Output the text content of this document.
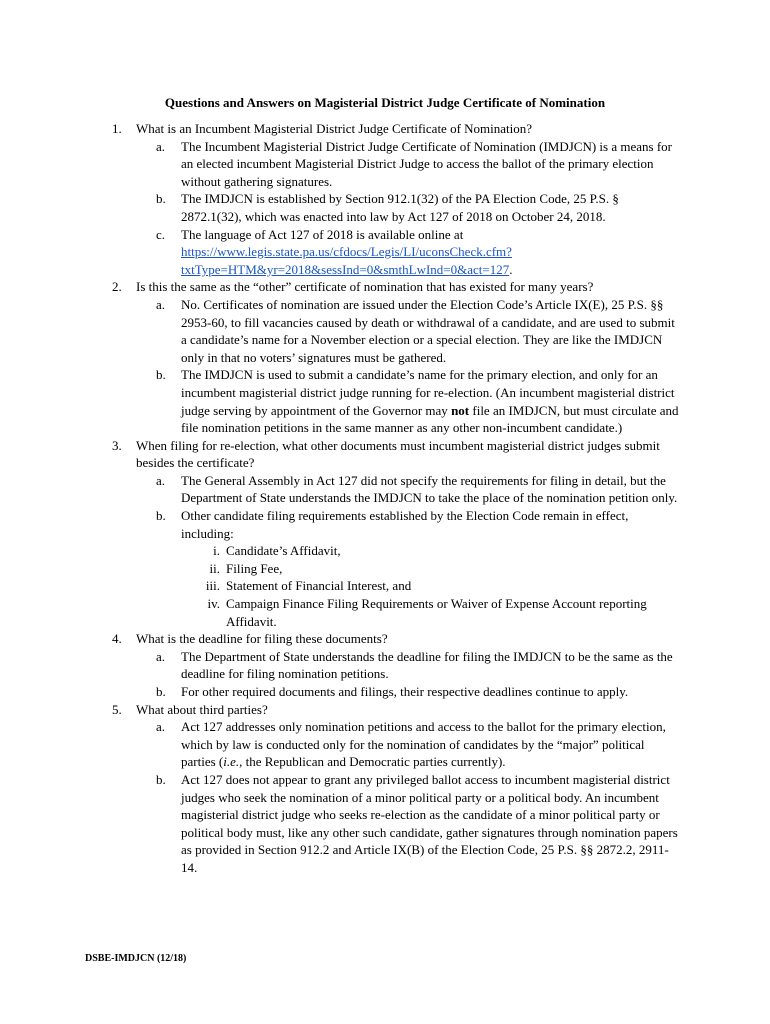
Questions and Answers on Magisterial District Judge Certificate of Nomination
1.	What is an Incumbent Magisterial District Judge Certificate of Nomination?
a. The Incumbent Magisterial District Judge Certificate of Nomination (IMDJCN) is a means for an elected incumbent Magisterial District Judge to access the ballot of the primary election without gathering signatures.
b. The IMDJCN is established by Section 912.1(32) of the PA Election Code, 25 P.S. § 2872.1(32), which was enacted into law by Act 127 of 2018 on October 24, 2018.
c. The language of Act 127 of 2018 is available online at https://www.legis.state.pa.us/cfdocs/Legis/LI/uconsCheck.cfm?txtType=HTM&yr=2018&sessInd=0&smthLwInd=0&act=127.
2.	Is this the same as the “other” certificate of nomination that has existed for many years?
a. No. Certificates of nomination are issued under the Election Code’s Article IX(E), 25 P.S. §§ 2953-60, to fill vacancies caused by death or withdrawal of a candidate, and are used to submit a candidate’s name for a November election or a special election. They are like the IMDJCN only in that no voters’ signatures must be gathered.
b. The IMDJCN is used to submit a candidate’s name for the primary election, and only for an incumbent magisterial district judge running for re-election. (An incumbent magisterial district judge serving by appointment of the Governor may not file an IMDJCN, but must circulate and file nomination petitions in the same manner as any other non-incumbent candidate.)
3.	When filing for re-election, what other documents must incumbent magisterial district judges submit besides the certificate?
a. The General Assembly in Act 127 did not specify the requirements for filing in detail, but the Department of State understands the IMDJCN to take the place of the nomination petition only.
b. Other candidate filing requirements established by the Election Code remain in effect, including:
i. Candidate’s Affidavit,
ii. Filing Fee,
iii. Statement of Financial Interest, and
iv. Campaign Finance Filing Requirements or Waiver of Expense Account reporting Affidavit.
4.	What is the deadline for filing these documents?
a. The Department of State understands the deadline for filing the IMDJCN to be the same as the deadline for filing nomination petitions.
b. For other required documents and filings, their respective deadlines continue to apply.
5.	What about third parties?
a. Act 127 addresses only nomination petitions and access to the ballot for the primary election, which by law is conducted only for the nomination of candidates by the “major” political parties (i.e., the Republican and Democratic parties currently).
b. Act 127 does not appear to grant any privileged ballot access to incumbent magisterial district judges who seek the nomination of a minor political party or a political body. An incumbent magisterial district judge who seeks re-election as the candidate of a minor political party or political body must, like any other such candidate, gather signatures through nomination papers as provided in Section 912.2 and Article IX(B) of the Election Code, 25 P.S. §§ 2872.2, 2911-14.
DSBE-IMDJCN (12/18)
